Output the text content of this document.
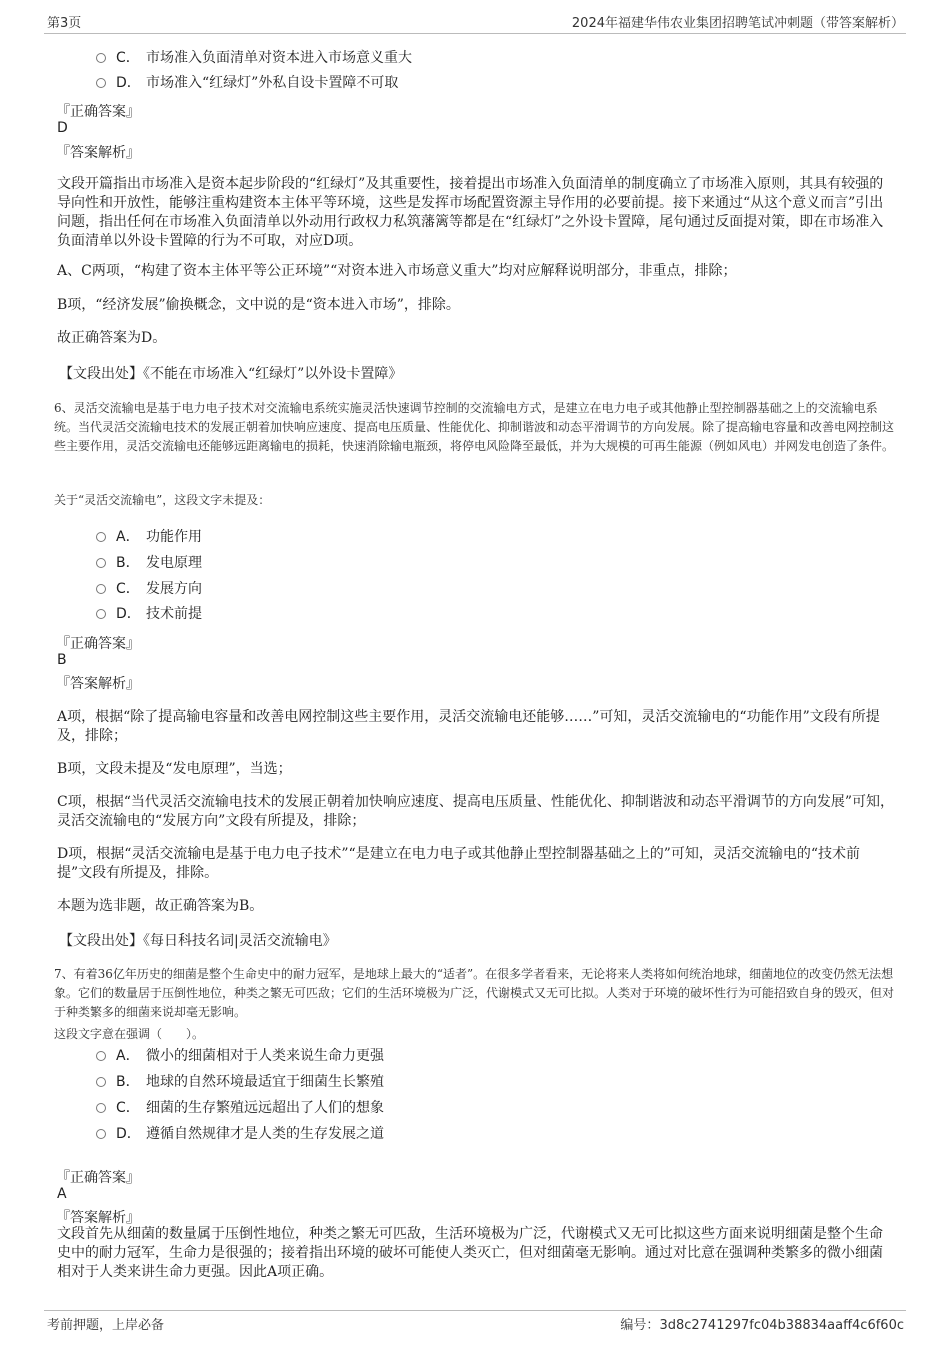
第3页	2024年福建华伟农业集团招聘笔试冲刺题（带答案解析）
C． 市场准入负面清单对资本进入市场意义重大
D． 市场准入“红绿灯”外私自设卡置障不可取
『正确答案』
D
『答案解析』
文段开篇指出市场准入是资本起步阶段的“红绿灯”及其重要性，接着提出市场准入负面清单的制度确立了市场准入原则，其具有较强的导向性和开放性，能够注重构建资本主体平等环境，这些是发挥市场配置资源主导作用的必要前提。接下来通过“从这个意义而言”引出问题，指出任何在市场准入负面清单以外动用行政权力私筑藩篱等都是在“红绿灯”之外设卡置障，尾句通过反面提对策，即在市场准入负面清单以外设卡置障的行为不可取，对应D项。
A、C两项，“构建了资本主体平等公正环境”“对资本进入市场意义重大”均对应解释说明部分，非重点，排除；
B项，“经济发展”偷换概念，文中说的是“资本进入市场”，排除。
故正确答案为D。
【文段出处】《不能在市场准入“红绿灯”以外设卡置障》
6、灵活交流输电是基于电力电子技术对交流输电系统实施灵活快速调节控制的交流输电方式，是建立在电力电子或其他静止型控制器基础之上的交流输电系统。当代灵活交流输电技术的发展正朝着加快响应速度、提高电压质量、性能优化、抑制谐波和动态平滑调节的方向发展。除了提高输电容量和改善电网控制这些主要作用，灵活交流输电还能够远距离输电的损耗，快速消除输电瓶颈，将停电风险降至最低，并为大规模的可再生能源（例如风电）并网发电创造了条件。
关于“灵活交流输电”，这段文字未提及：
A． 功能作用
B． 发电原理
C． 发展方向
D． 技术前提
『正确答案』
B
『答案解析』
A项，根据“除了提高输电容量和改善电网控制这些主要作用，灵活交流输电还能够……”可知，灵活交流输电的“功能作用”文段有所提及，排除；
B项，文段未提及“发电原理”，当选；
C项，根据“当代灵活交流输电技术的发展正朝着加快响应速度、提高电压质量、性能优化、抑制谐波和动态平滑调节的方向发展”可知，灵活交流输电的“发展方向”文段有所提及，排除；
D项，根据“灵活交流输电是基于电力电子技术”“是建立在电力电子或其他静止型控制器基础之上的”可知，灵活交流输电的“技术前提”文段有所提及，排除。
本题为选非题，故正确答案为B。
【文段出处】《每日科技名词|灵活交流输电》
7、有着36亿年历史的细菌是整个生命史中的耐力冠军，是地球上最大的“适者”。在很多学者看来，无论将来人类将如何统治地球，细菌地位的改变仍然无法想象。它们的数量居于压倒性地位，种类之繁无可匹敌；它们的生活环境极为广泛，代谢模式又无可比拟。人类对于环境的破坏性行为可能招致自身的毁灭，但对于种类繁多的细菌来说却毫无影响。
这段文字意在强调（　　）。
A． 微小的细菌相对于人类来说生命力更强
B． 地球的自然环境最适宜于细菌生长繁殖
C． 细菌的生存繁殖远远超出了人们的想象
D． 遵循自然规律才是人类的生存发展之道
『正确答案』
A
『答案解析』
文段首先从细菌的数量属于压倒性地位，种类之繁无可匹敌，生活环境极为广泛，代谢模式又无可比拟这些方面来说明细菌是整个生命史中的耐力冠军，生命力是很强的；接着指出环境的破坏可能使人类灭亡，但对细菌毫无影响。通过对比意在强调种类繁多的微小细菌相对于人类来讲生命力更强。因此A项正确。
考前押题，上岸必备	编号：3d8c2741297fc04b38834aaff4c6f60c
